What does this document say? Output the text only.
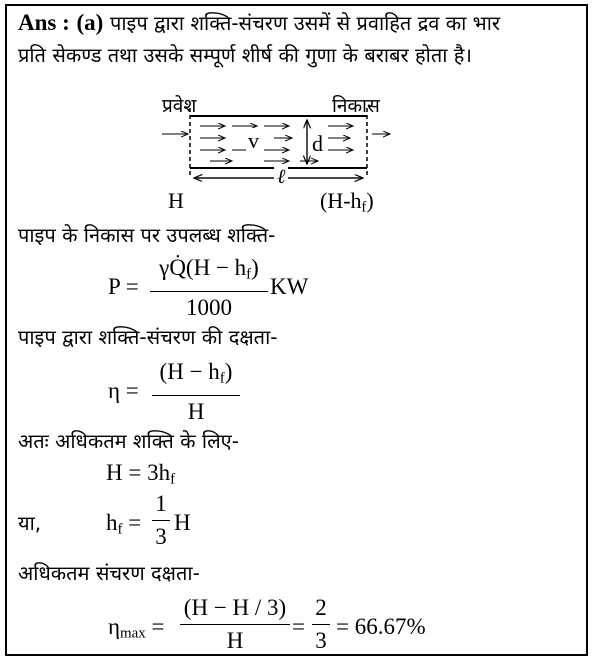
Ans : (a) पाइप द्वारा शक्ति-संचरण उसमें से प्रवाहित द्रव का भार
प्रति सेकण्ड तथा उसके सम्पूर्ण शीर्ष की गुणा के बराबर होता है।
प्रवेश	निकास
v d
ℓ
H	$(H-h_f)$
पाइप के निकास पर उपलब्ध शक्ति-
P =
γQ̇(H − $h_f$)
1000
KW
पाइप द्वारा शक्ति-संचरण की दक्षता-
η =
$(H - h_f)$
H
अतः अधिकतम शक्ति के लिए-
$H = 3h_f$
या,	$h_f$ =
1
3
H
अधिकतम संचरण दक्षता-
$\eta_{max}$ =
(H − H / 3)
H
=
2
3
= 66.67%
